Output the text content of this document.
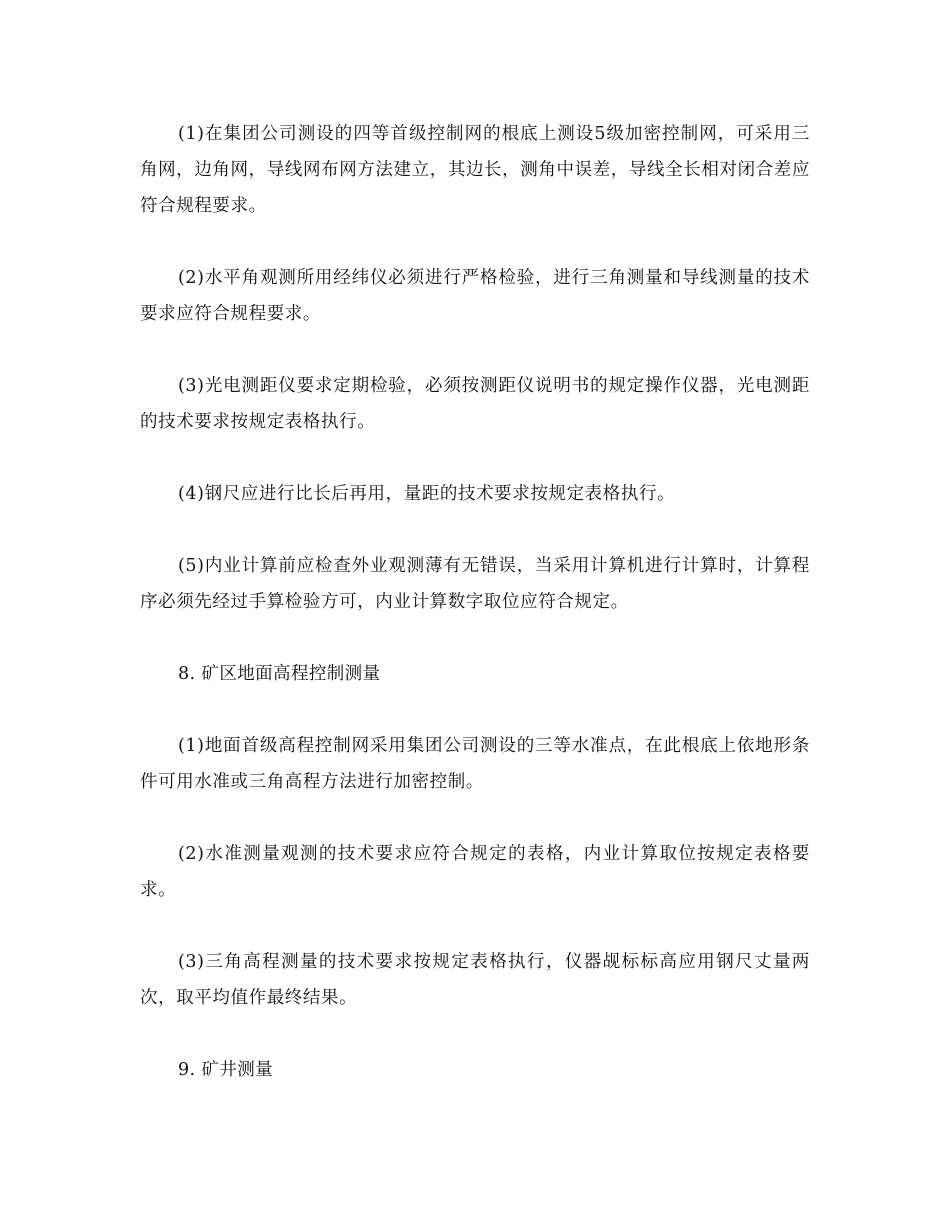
(1)在集团公司测设的四等首级控制网的根底上测设5级加密控制网，可采用三角网，边角网，导线网布网方法建立，其边长，测角中误差，导线全长相对闭合差应符合规程要求。

(2)水平角观测所用经纬仪必须进行严格检验，进行三角测量和导线测量的技术要求应符合规程要求。

(3)光电测距仪要求定期检验，必须按测距仪说明书的规定操作仪器，光电测距的技术要求按规定表格执行。

(4)钢尺应进行比长后再用，量距的技术要求按规定表格执行。

(5)内业计算前应检查外业观测薄有无错误，当采用计算机进行计算时，计算程序必须先经过手算检验方可，内业计算数字取位应符合规定。

8. 矿区地面高程控制测量

(1)地面首级高程控制网采用集团公司测设的三等水准点，在此根底上依地形条件可用水准或三角高程方法进行加密控制。

(2)水准测量观测的技术要求应符合规定的表格，内业计算取位按规定表格要求。

(3)三角高程测量的技术要求按规定表格执行，仪器觇标标高应用钢尺丈量两次，取平均值作最终结果。

9. 矿井测量
